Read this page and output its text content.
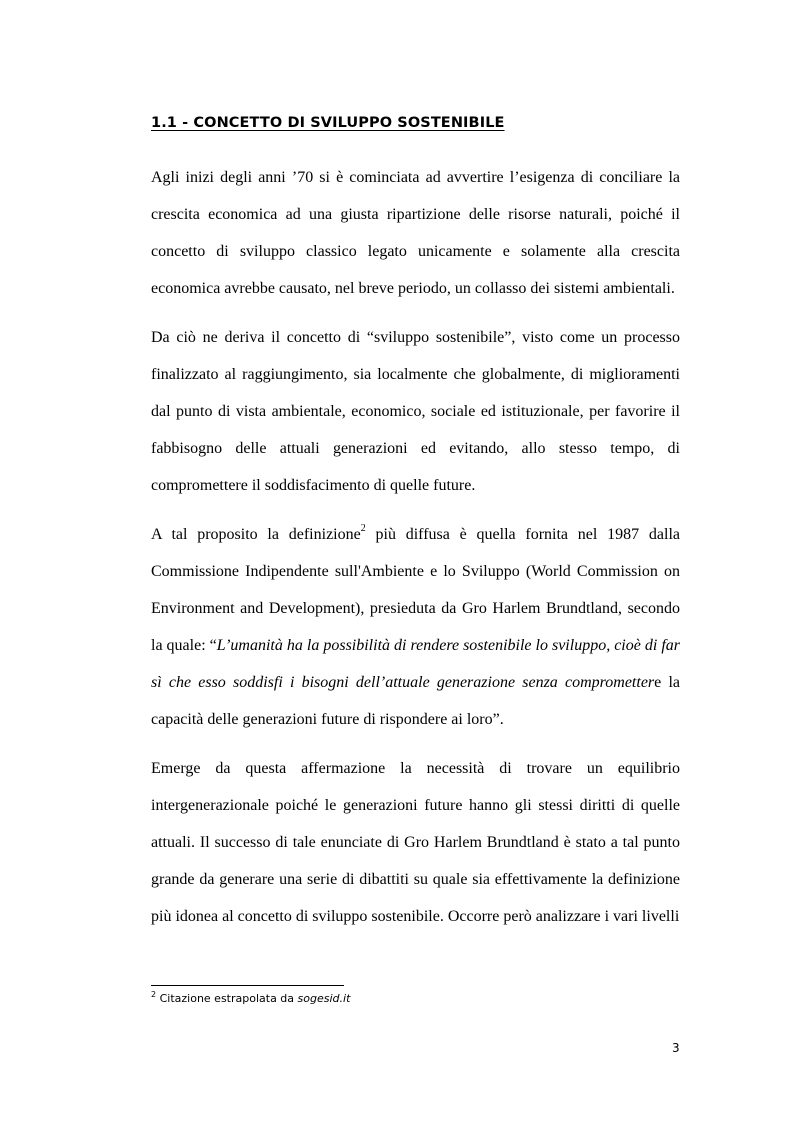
1.1 - CONCETTO DI SVILUPPO SOSTENIBILE

Agli inizi degli anni ’70 si è cominciata ad avvertire l’esigenza di conciliare la crescita economica ad una giusta ripartizione delle risorse naturali, poiché il concetto di sviluppo classico legato unicamente e solamente alla crescita economica avrebbe causato, nel breve periodo, un collasso dei sistemi ambientali.

Da ciò ne deriva il concetto di “sviluppo sostenibile”, visto come un processo finalizzato al raggiungimento, sia localmente che globalmente, di miglioramenti dal punto di vista ambientale, economico, sociale ed istituzionale, per favorire il fabbisogno delle attuali generazioni ed evitando, allo stesso tempo, di compromettere il soddisfacimento di quelle future.

A tal proposito la definizione$^2$ più diffusa è quella fornita nel 1987 dalla Commissione Indipendente sull'Ambiente e lo Sviluppo (World Commission on Environment and Development), presieduta da Gro Harlem Brundtland, secondo la quale: “L’umanità ha la possibilità di rendere sostenibile lo sviluppo, cioè di far sì che esso soddisfi i bisogni dell’attuale generazione senza compromettere la capacità delle generazioni future di rispondere ai loro”.

Emerge da questa affermazione la necessità di trovare un equilibrio intergenerazionale poiché le generazioni future hanno gli stessi diritti di quelle attuali. Il successo di tale enunciate di Gro Harlem Brundtland è stato a tal punto grande da generare una serie di dibattiti su quale sia effettivamente la definizione più idonea al concetto di sviluppo sostenibile. Occorre però analizzare i vari livelli

$^2$ Citazione estrapolata da sogesid.it
3
